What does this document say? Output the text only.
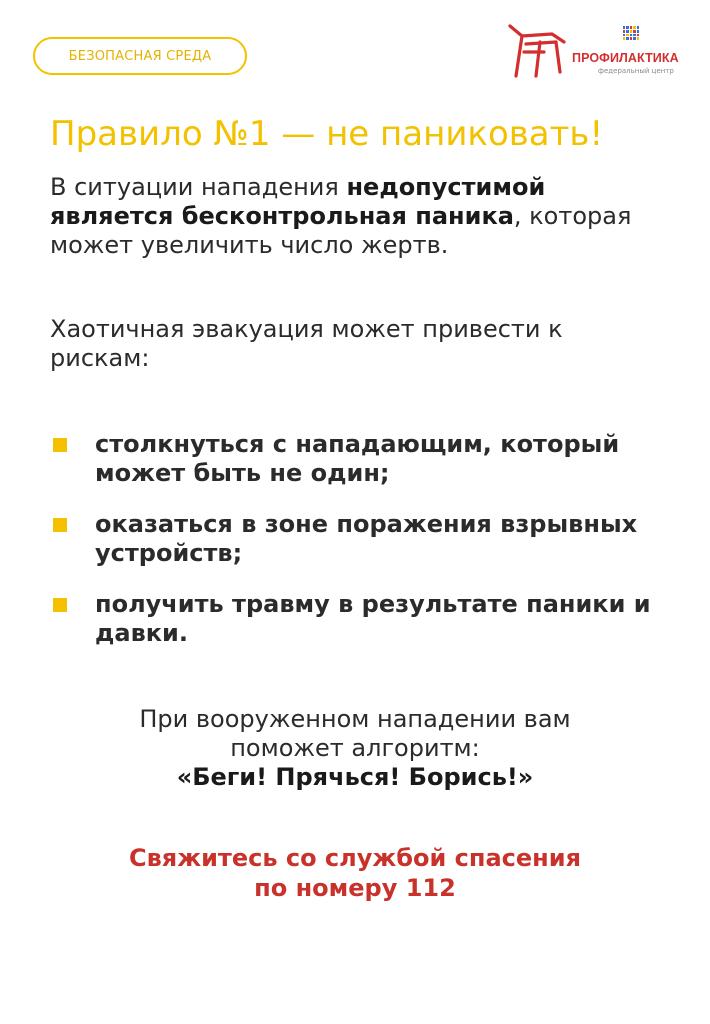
БЕЗОПАСНАЯ СРЕДА	ПРОФИЛАКТИКА
федеральный центр
Правило №1 — не паниковать!

В ситуации нападения недопустимой является бесконтрольная паника, которая может увеличить число жертв.

Хаотичная эвакуация может привести к рискам:

столкнуться с нападающим, который может быть не один;
оказаться в зоне поражения взрывных устройств;
получить травму в результате паники и давки.
При вооруженном нападении вам поможет алгоритм:
«Беги! Прячься! Борись!»
Свяжитесь со службой спасения
по номеру 112
